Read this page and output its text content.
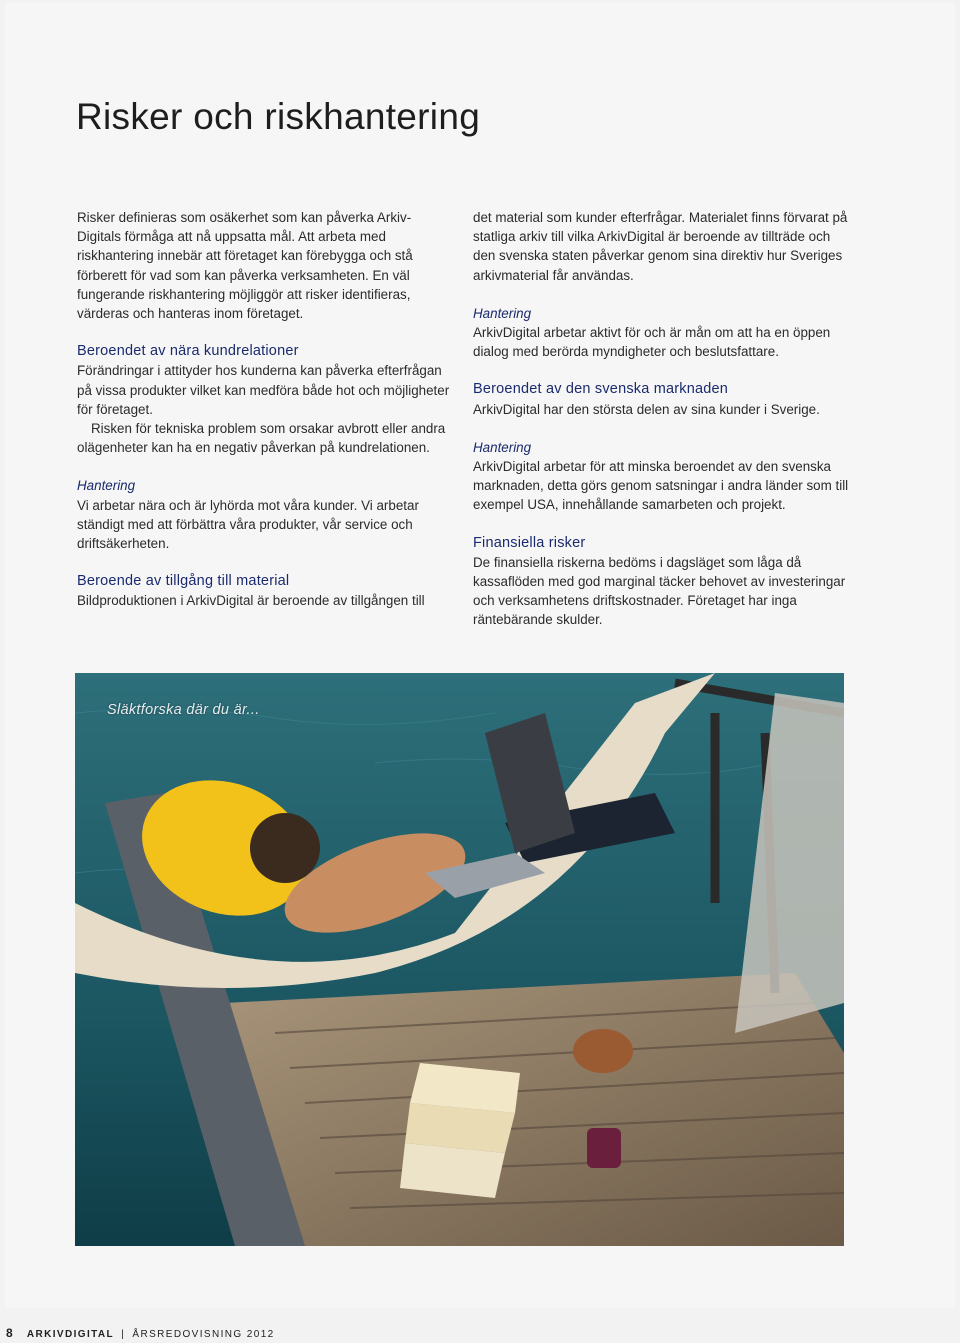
Risker och riskhantering

Risker definieras som osäkerhet som kan påverka Arkiv-Digitals förmåga att nå uppsatta mål. Att arbeta med riskhantering innebär att företaget kan förebygga och stå förberett för vad som kan påverka verksamheten. En väl fungerande riskhantering möjliggör att risker identifieras, värderas och hanteras inom företaget.

Beroendet av nära kundrelationer

Förändringar i attityder hos kunderna kan påverka efterfrågan på vissa produkter vilket kan medföra både hot och möjligheter för företaget.

Risken för tekniska problem som orsakar avbrott eller andra olägenheter kan ha en negativ påverkan på kundrelationen.

Hantering

Vi arbetar nära och är lyhörda mot våra kunder. Vi arbetar ständigt med att förbättra våra produkter, vår service och driftsäkerheten.

Beroende av tillgång till material

Bildproduktionen i ArkivDigital är beroende av tillgången till

det material som kunder efterfrågar. Materialet finns förvarat på statliga arkiv till vilka ArkivDigital är beroende av tillträde och den svenska staten påverkar genom sina direktiv hur Sveriges arkivmaterial får användas.

Hantering

ArkivDigital arbetar aktivt för och är mån om att ha en öppen dialog med berörda myndigheter och beslutsfattare.

Beroendet av den svenska marknaden

ArkivDigital har den största delen av sina kunder i Sverige.

Hantering

ArkivDigital arbetar för att minska beroendet av den svenska marknaden, detta görs genom satsningar i andra länder som till exempel USA, innehållande samarbeten och projekt.

Finansiella risker

De finansiella riskerna bedöms i dagsläget som låga då kassaflöden med god marginal täcker behovet av investeringar och verksamhetens driftskostnader. Företaget har inga räntebärande skulder.

Släktforska där du är...
8 ARKIVDIGITAL | ÅRSREDOVISNING 2012
